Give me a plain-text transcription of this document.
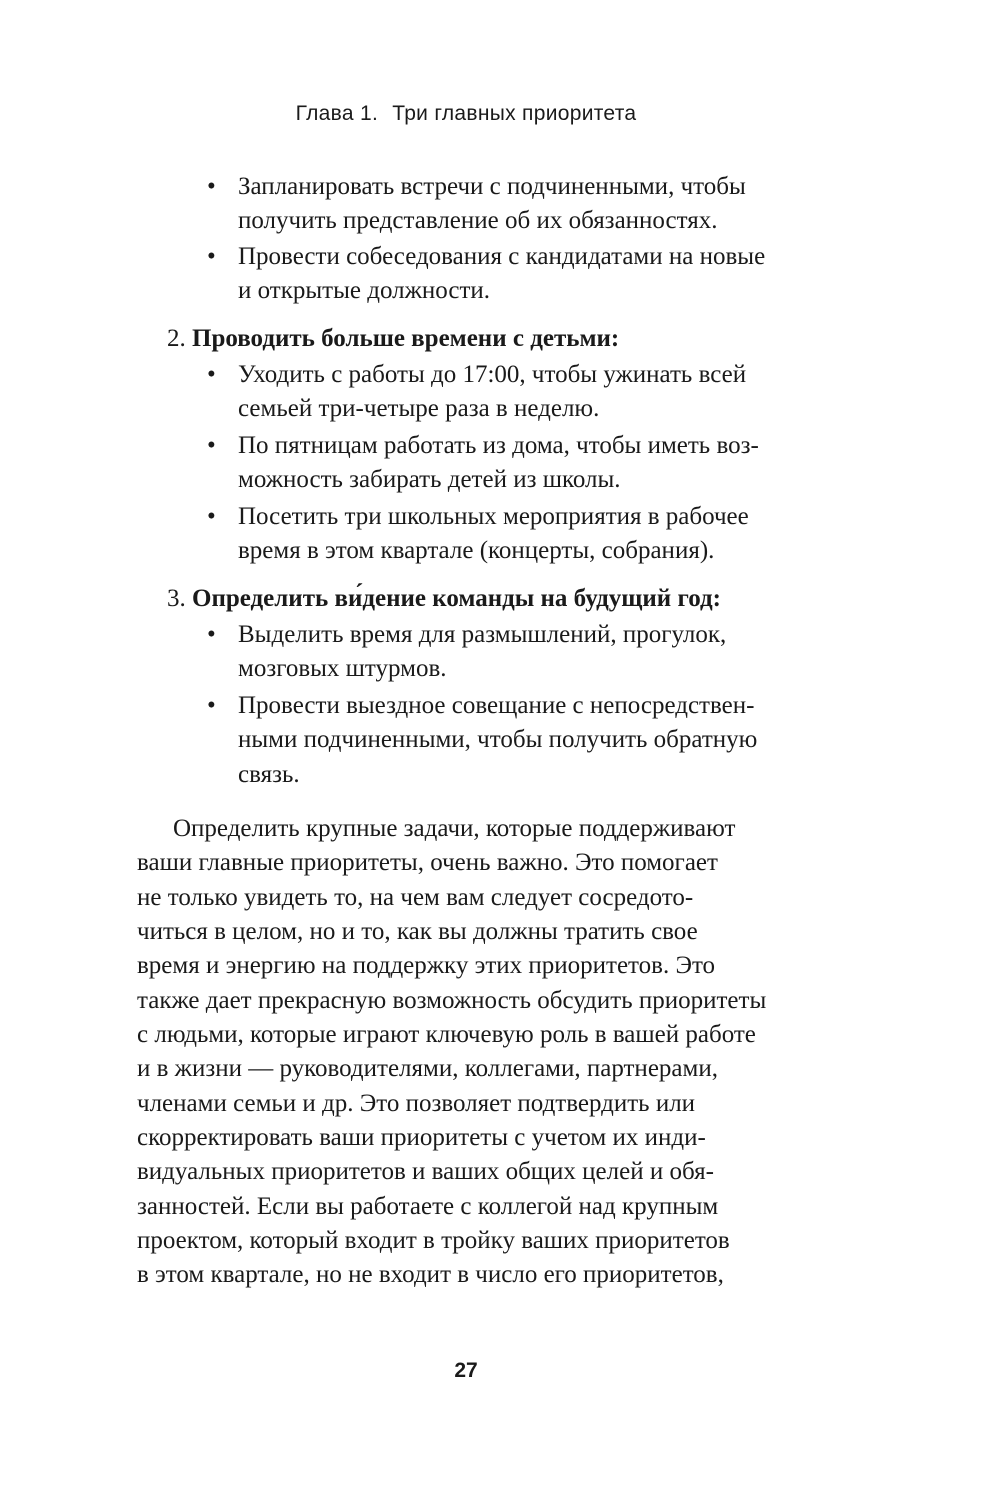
Глава 1. Три главных приоритета
• Запланировать встречи с подчиненными, чтобы
получить представление об их обязанностях.
• Провести собеседования с кандидатами на новые
и открытые должности.
2. Проводить больше времени с детьми:
• Уходить с работы до 17:00, чтобы ужинать всей
семьей три-четыре раза в неделю.
• По пятницам работать из дома, чтобы иметь воз-
можность забирать детей из школы.
• Посетить три школьных мероприятия в рабочее
время в этом квартале (концерты, собрания).
3. Определить ви́дение команды на будущий год:
• Выделить время для размышлений, прогулок,
мозговых штурмов.
• Провести выездное совещание с непосредствен-
ными подчиненными, чтобы получить обратную
связь.
Определить крупные задачи, которые поддерживают
ваши главные приоритеты, очень важно. Это помогает
не только увидеть то, на чем вам следует сосредото-
читься в целом, но и то, как вы должны тратить свое
время и энергию на поддержку этих приоритетов. Это
также дает прекрасную возможность обсудить приоритеты
с людьми, которые играют ключевую роль в вашей работе
и в жизни — руководителями, коллегами, партнерами,
членами семьи и др. Это позволяет подтвердить или
скорректировать ваши приоритеты с учетом их инди-
видуальных приоритетов и ваших общих целей и обя-
занностей. Если вы работаете с коллегой над крупным
проектом, который входит в тройку ваших приоритетов
в этом квартале, но не входит в число его приоритетов,
27
